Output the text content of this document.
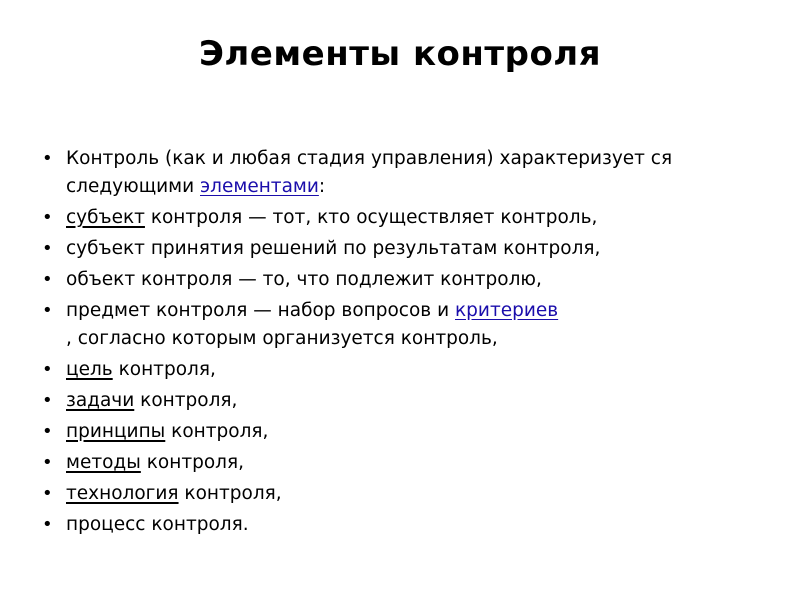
Элементы контроля
• Контроль (как и любая стадия управления) характеризует ся следующими элементами:
• субъект контроля — тот, кто осуществляет контроль,
• субъект принятия решений по результатам контроля,
• объект контроля — то, что подлежит контролю,
• предмет контроля — набор вопросов и критериев
, согласно которым организуется контроль,
• цель контроля,
• задачи контроля,
• принципы контроля,
• методы контроля,
• технология контроля,
• процесс контроля.
